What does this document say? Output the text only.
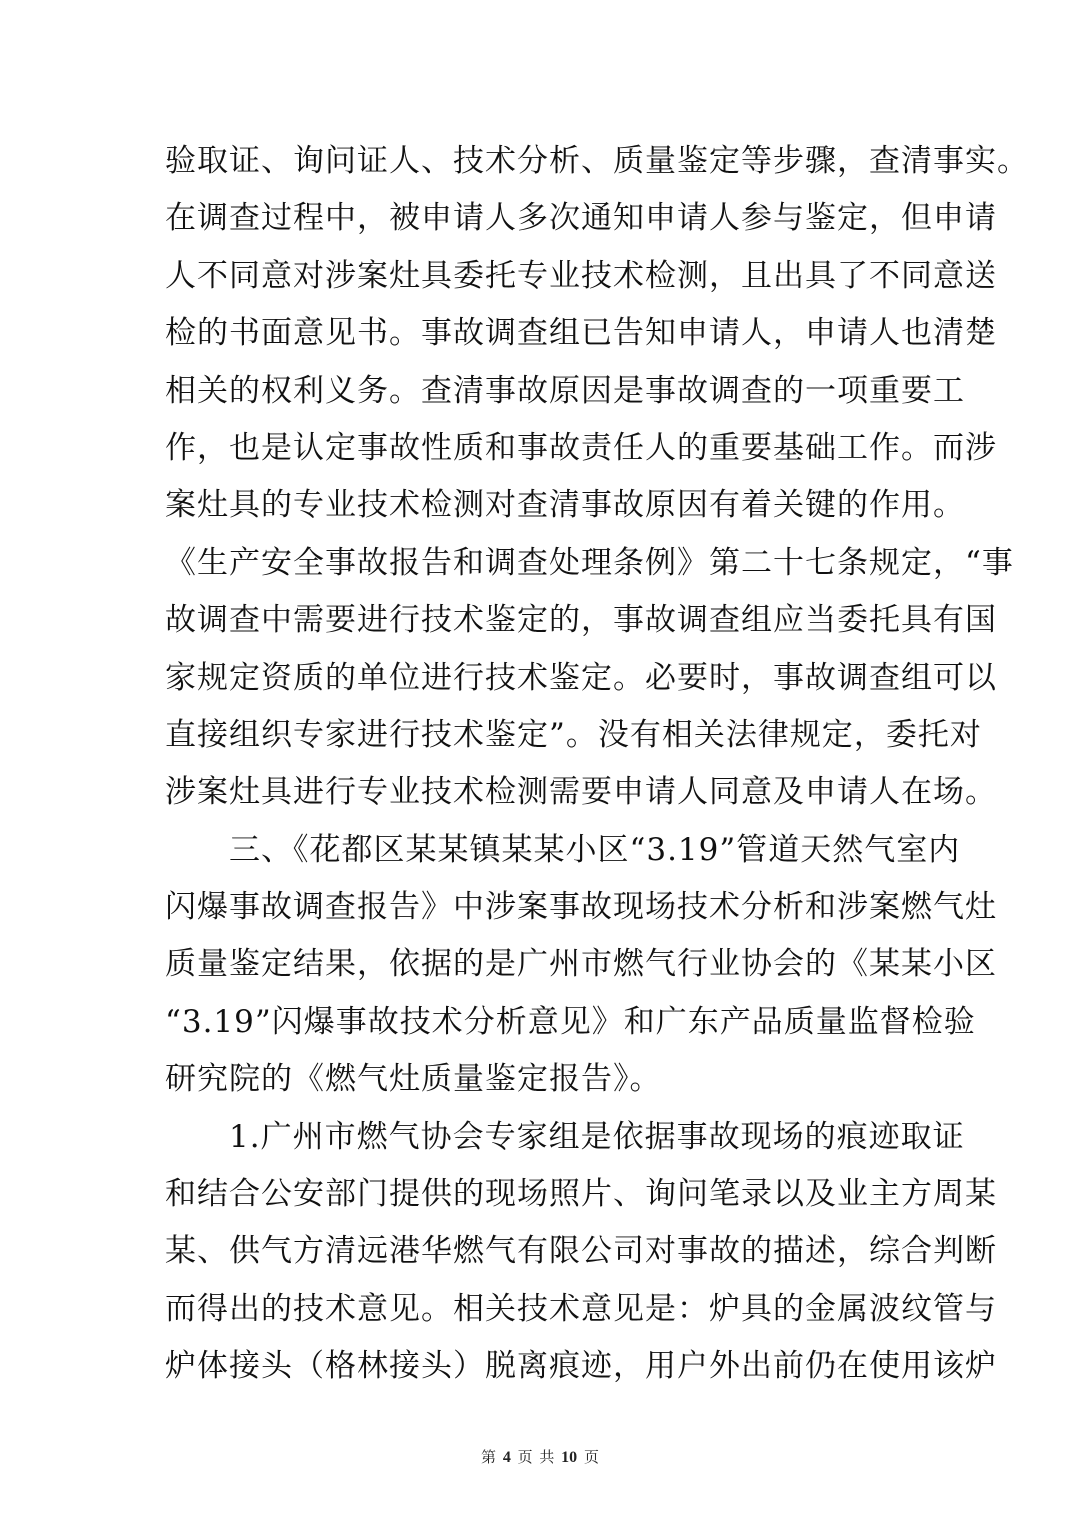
验取证、询问证人、技术分析、质量鉴定等步骤，查清事实。
在调查过程中，被申请人多次通知申请人参与鉴定，但申请
人不同意对涉案灶具委托专业技术检测，且出具了不同意送
检的书面意见书。事故调查组已告知申请人，申请人也清楚
相关的权利义务。查清事故原因是事故调查的一项重要工
作，也是认定事故性质和事故责任人的重要基础工作。而涉
案灶具的专业技术检测对查清事故原因有着关键的作用。
《生产安全事故报告和调查处理条例》第二十七条规定，“事
故调查中需要进行技术鉴定的，事故调查组应当委托具有国
家规定资质的单位进行技术鉴定。必要时，事故调查组可以
直接组织专家进行技术鉴定”。没有相关法律规定，委托对
涉案灶具进行专业技术检测需要申请人同意及申请人在场。
　　三、《花都区某某镇某某小区“3.19”管道天然气室内
闪爆事故调查报告》中涉案事故现场技术分析和涉案燃气灶
质量鉴定结果，依据的是广州市燃气行业协会的《某某小区
“3.19”闪爆事故技术分析意见》和广东产品质量监督检验
研究院的《燃气灶质量鉴定报告》。
　　1.广州市燃气协会专家组是依据事故现场的痕迹取证
和结合公安部门提供的现场照片、询问笔录以及业主方周某
某、供气方清远港华燃气有限公司对事故的描述，综合判断
而得出的技术意见。相关技术意见是：炉具的金属波纹管与
炉体接头（格林接头）脱离痕迹，用户外出前仍在使用该炉
第 4 页 共 10 页
